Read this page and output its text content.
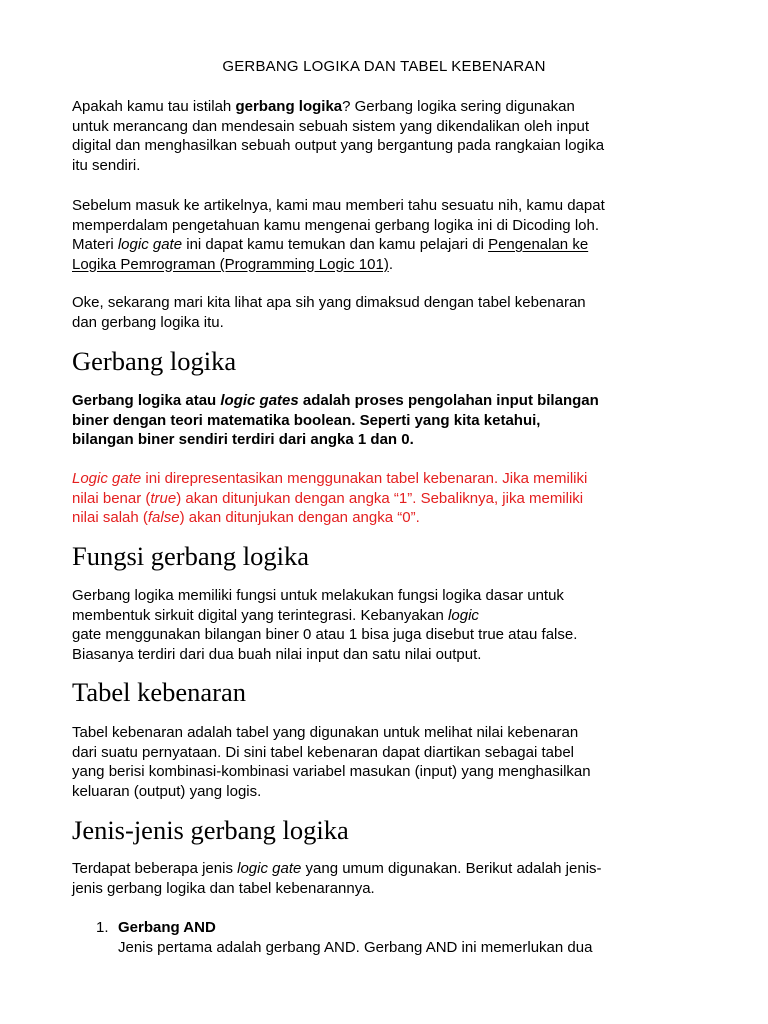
GERBANG LOGIKA DAN TABEL KEBENARAN
Apakah kamu tau istilah gerbang logika? Gerbang logika sering digunakan
untuk merancang dan mendesain sebuah sistem yang dikendalikan oleh input
digital dan menghasilkan sebuah output yang bergantung pada rangkaian logika
itu sendiri.
Sebelum masuk ke artikelnya, kami mau memberi tahu sesuatu nih, kamu dapat
memperdalam pengetahuan kamu mengenai gerbang logika ini di Dicoding loh.
Materi logic gate ini dapat kamu temukan dan kamu pelajari di Pengenalan ke
Logika Pemrograman (Programming Logic 101).
Oke, sekarang mari kita lihat apa sih yang dimaksud dengan tabel kebenaran
dan gerbang logika itu.
Gerbang logika
Gerbang logika atau logic gates adalah proses pengolahan input bilangan
biner dengan teori matematika boolean. Seperti yang kita ketahui,
bilangan biner sendiri terdiri dari angka 1 dan 0.
Logic gate ini direpresentasikan menggunakan tabel kebenaran. Jika memiliki
nilai benar (true) akan ditunjukan dengan angka “1”. Sebaliknya, jika memiliki
nilai salah (false) akan ditunjukan dengan angka “0”.
Fungsi gerbang logika
Gerbang logika memiliki fungsi untuk melakukan fungsi logika dasar untuk
membentuk sirkuit digital yang terintegrasi. Kebanyakan logic
gate menggunakan bilangan biner 0 atau 1 bisa juga disebut true atau false.
Biasanya terdiri dari dua buah nilai input dan satu nilai output.
Tabel kebenaran
Tabel kebenaran adalah tabel yang digunakan untuk melihat nilai kebenaran
dari suatu pernyataan. Di sini tabel kebenaran dapat diartikan sebagai tabel
yang berisi kombinasi-kombinasi variabel masukan (input) yang menghasilkan
keluaran (output) yang logis.
Jenis-jenis gerbang logika
Terdapat beberapa jenis logic gate yang umum digunakan. Berikut adalah jenis-
jenis gerbang logika dan tabel kebenarannya.
1. Gerbang AND
Jenis pertama adalah gerbang AND. Gerbang AND ini memerlukan dua
